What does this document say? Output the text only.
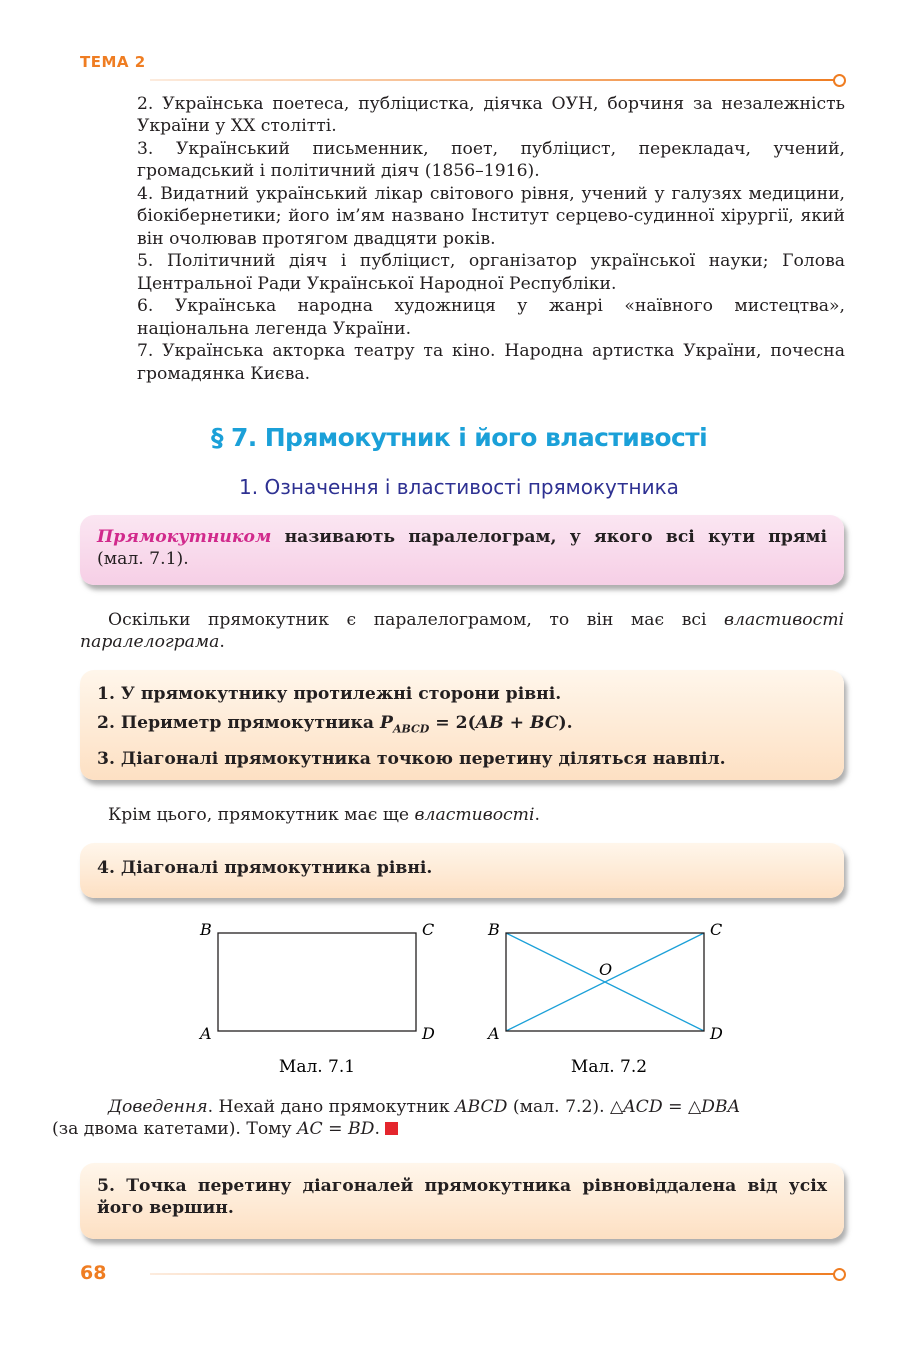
ТЕМА 2

2. Українська поетеса, публіцистка, діячка ОУН, борчиня за незалежність України у ХХ столітті.

3. Український письменник, поет, публіцист, перекладач, учений, громадський і політичний діяч (1856–1916).

4. Видатний український лікар світового рівня, учений у галузях медицини, біокібернетики; його ім’ям названо Інститут серцево-судинної хірургії, який він очолював протягом двадцяти років.

5. Політичний діяч і публіцист, організатор української науки; Голова Центральної Ради Української Народної Республіки.

6. Українська народна художниця у жанрі «наївного мистецтва», національна легенда України.

7. Українська акторка театру та кіно. Народна артистка України, почесна громадянка Києва.

§ 7. Прямокутник і його властивості
1. Означення і властивості прямокутника
Прямокутником називають паралелограм, у якого всі кути прямі (мал. 7.1).
Оскільки прямокутник є паралелограмом, то він має всі властивості паралелограма.

1. У прямокутнику протилежні сторони рівні.

2. Периметр прямокутника $P_{ABCD} = 2(AB + BC)$.

3. Діагоналі прямокутника точкою перетину діляться навпіл.

Крім цього, прямокутник має ще властивості.
4. Діагоналі прямокутника рівні.
B	C
A	D
Мал. 7.1
B	C
A	D
O
Мал. 7.2
Доведення. Нехай дано прямокутник ABCD (мал. 7.2). △ACD = △DBA
(за двома катетами). Тому AC = BD.
5. Точка перетину діагоналей прямокутника рівновіддалена від усіх його вершин.
68
